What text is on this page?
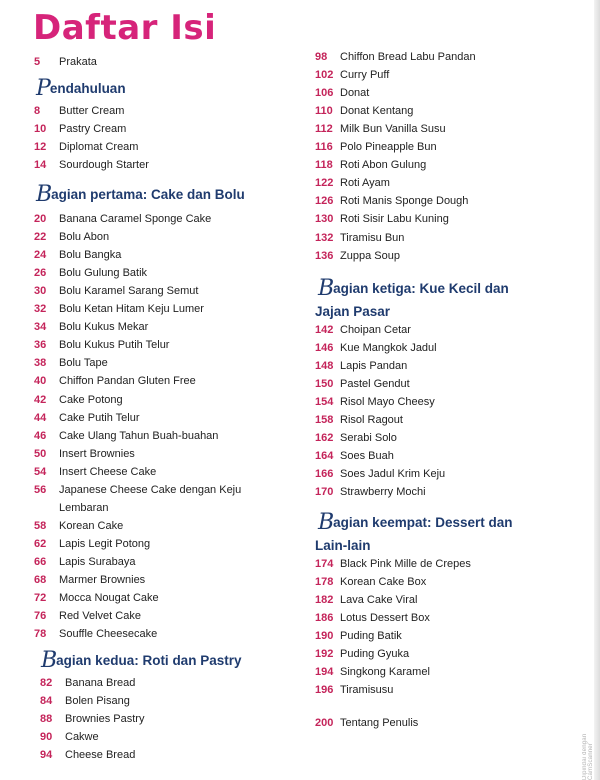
Daftar Isi
5 Prakata
Pendahuluan
8 Butter Cream
10 Pastry Cream
12 Diplomat Cream
14 Sourdough Starter
Bagian pertama: Cake dan Bolu
20 Banana Caramel Sponge Cake
22 Bolu Abon
24 Bolu Bangka
26 Bolu Gulung Batik
30 Bolu Karamel Sarang Semut
32 Bolu Ketan Hitam Keju Lumer
34 Bolu Kukus Mekar
36 Bolu Kukus Putih Telur
38 Bolu Tape
40 Chiffon Pandan Gluten Free
42 Cake Potong
44 Cake Putih Telur
46 Cake Ulang Tahun Buah-buahan
50 Insert Brownies
54 Insert Cheese Cake
56 Japanese Cheese Cake dengan Keju
Lembaran
58 Korean Cake
62 Lapis Legit Potong
66 Lapis Surabaya
68 Marmer Brownies
72 Mocca Nougat Cake
76 Red Velvet Cake
78 Souffle Cheesecake
Bagian kedua: Roti dan Pastry
82 Banana Bread
84 Bolen Pisang
88 Brownies Pastry
90 Cakwe
94 Cheese Bread
98 Chiffon Bread Labu Pandan
102 Curry Puff
106 Donat
110 Donat Kentang
112 Milk Bun Vanilla Susu
116 Polo Pineapple Bun
118 Roti Abon Gulung
122 Roti Ayam
126 Roti Manis Sponge Dough
130 Roti Sisir Labu Kuning
132 Tiramisu Bun
136 Zuppa Soup
Bagian ketiga: Kue Kecil dan
Jajan Pasar
142 Choipan Cetar
146 Kue Mangkok Jadul
148 Lapis Pandan
150 Pastel Gendut
154 Risol Mayo Cheesy
158 Risol Ragout
162 Serabi Solo
164 Soes Buah
166 Soes Jadul Krim Keju
170 Strawberry Mochi
Bagian keempat: Dessert dan
Lain-lain
174 Black Pink Mille de Crepes
178 Korean Cake Box
182 Lava Cake Viral
186 Lotus Dessert Box
190 Puding Batik
192 Puding Gyuka
194 Singkong Karamel
196 Tiramisusu
200 Tentang Penulis
Dipindai dengan CamScanner
